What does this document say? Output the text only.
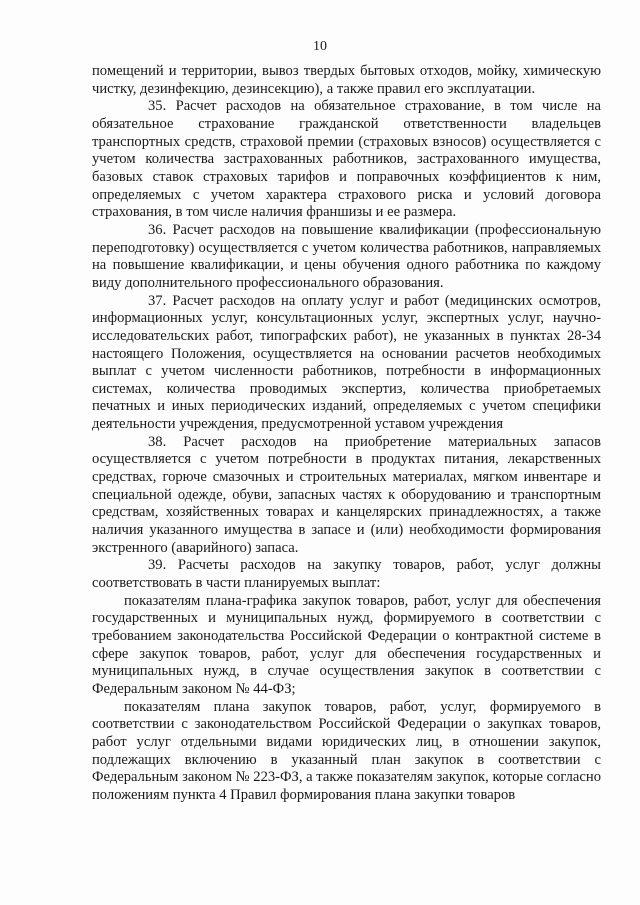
10

помещений и территории, вывоз твердых бытовых отходов, мойку, химическую чистку, дезинфекцию, дезинсекцию), а также правил его эксплуатации.

35. Расчет расходов на обязательное страхование, в том числе на обязательное страхование гражданской ответственности владельцев транспортных средств, страховой премии (страховых взносов) осуществляется с учетом количества застрахованных работников, застрахованного имущества, базовых ставок страховых тарифов и поправочных коэффициентов к ним, определяемых с учетом характера страхового риска и условий договора страхования, в том числе наличия франшизы и ее размера.

36. Расчет расходов на повышение квалификации (профессиональную переподготовку) осуществляется с учетом количества работников, направляемых на повышение квалификации, и цены обучения одного работника по каждому виду дополнительного профессионального образования.

37. Расчет расходов на оплату услуг и работ (медицинских осмотров, информационных услуг, консультационных услуг, экспертных услуг, научно-исследовательских работ, типографских работ), не указанных в пунктах 28-34 настоящего Положения, осуществляется на основании расчетов необходимых выплат с учетом численности работников, потребности в информационных системах, количества проводимых экспертиз, количества приобретаемых печатных и иных периодических изданий, определяемых с учетом специфики деятельности учреждения, предусмотренной уставом учреждения

38. Расчет расходов на приобретение материальных запасов осуществляется с учетом потребности в продуктах питания, лекарственных средствах, горюче смазочных и строительных материалах, мягком инвентаре и специальной одежде, обуви, запасных частях к оборудованию и транспортным средствам, хозяйственных товарах и канцелярских принадлежностях, а также наличия указанного имущества в запасе и (или) необходимости формирования экстренного (аварийного) запаса.

39. Расчеты расходов на закупку товаров, работ, услуг должны соответствовать в части планируемых выплат:

показателям плана-графика закупок товаров, работ, услуг для обеспечения государственных и муниципальных нужд, формируемого в соответствии с требованием законодательства Российской Федерации о контрактной системе в сфере закупок товаров, работ, услуг для обеспечения государственных и муниципальных нужд, в случае осуществления закупок в соответствии с Федеральным законом № 44-ФЗ;

показателям плана закупок товаров, работ, услуг, формируемого в соответствии с законодательством Российской Федерации о закупках товаров, работ услуг отдельными видами юридических лиц, в отношении закупок, подлежащих включению в указанный план закупок в соответствии с Федеральным законом № 223-ФЗ, а также показателям закупок, которые согласно положениям пункта 4 Правил формирования плана закупки товаров
